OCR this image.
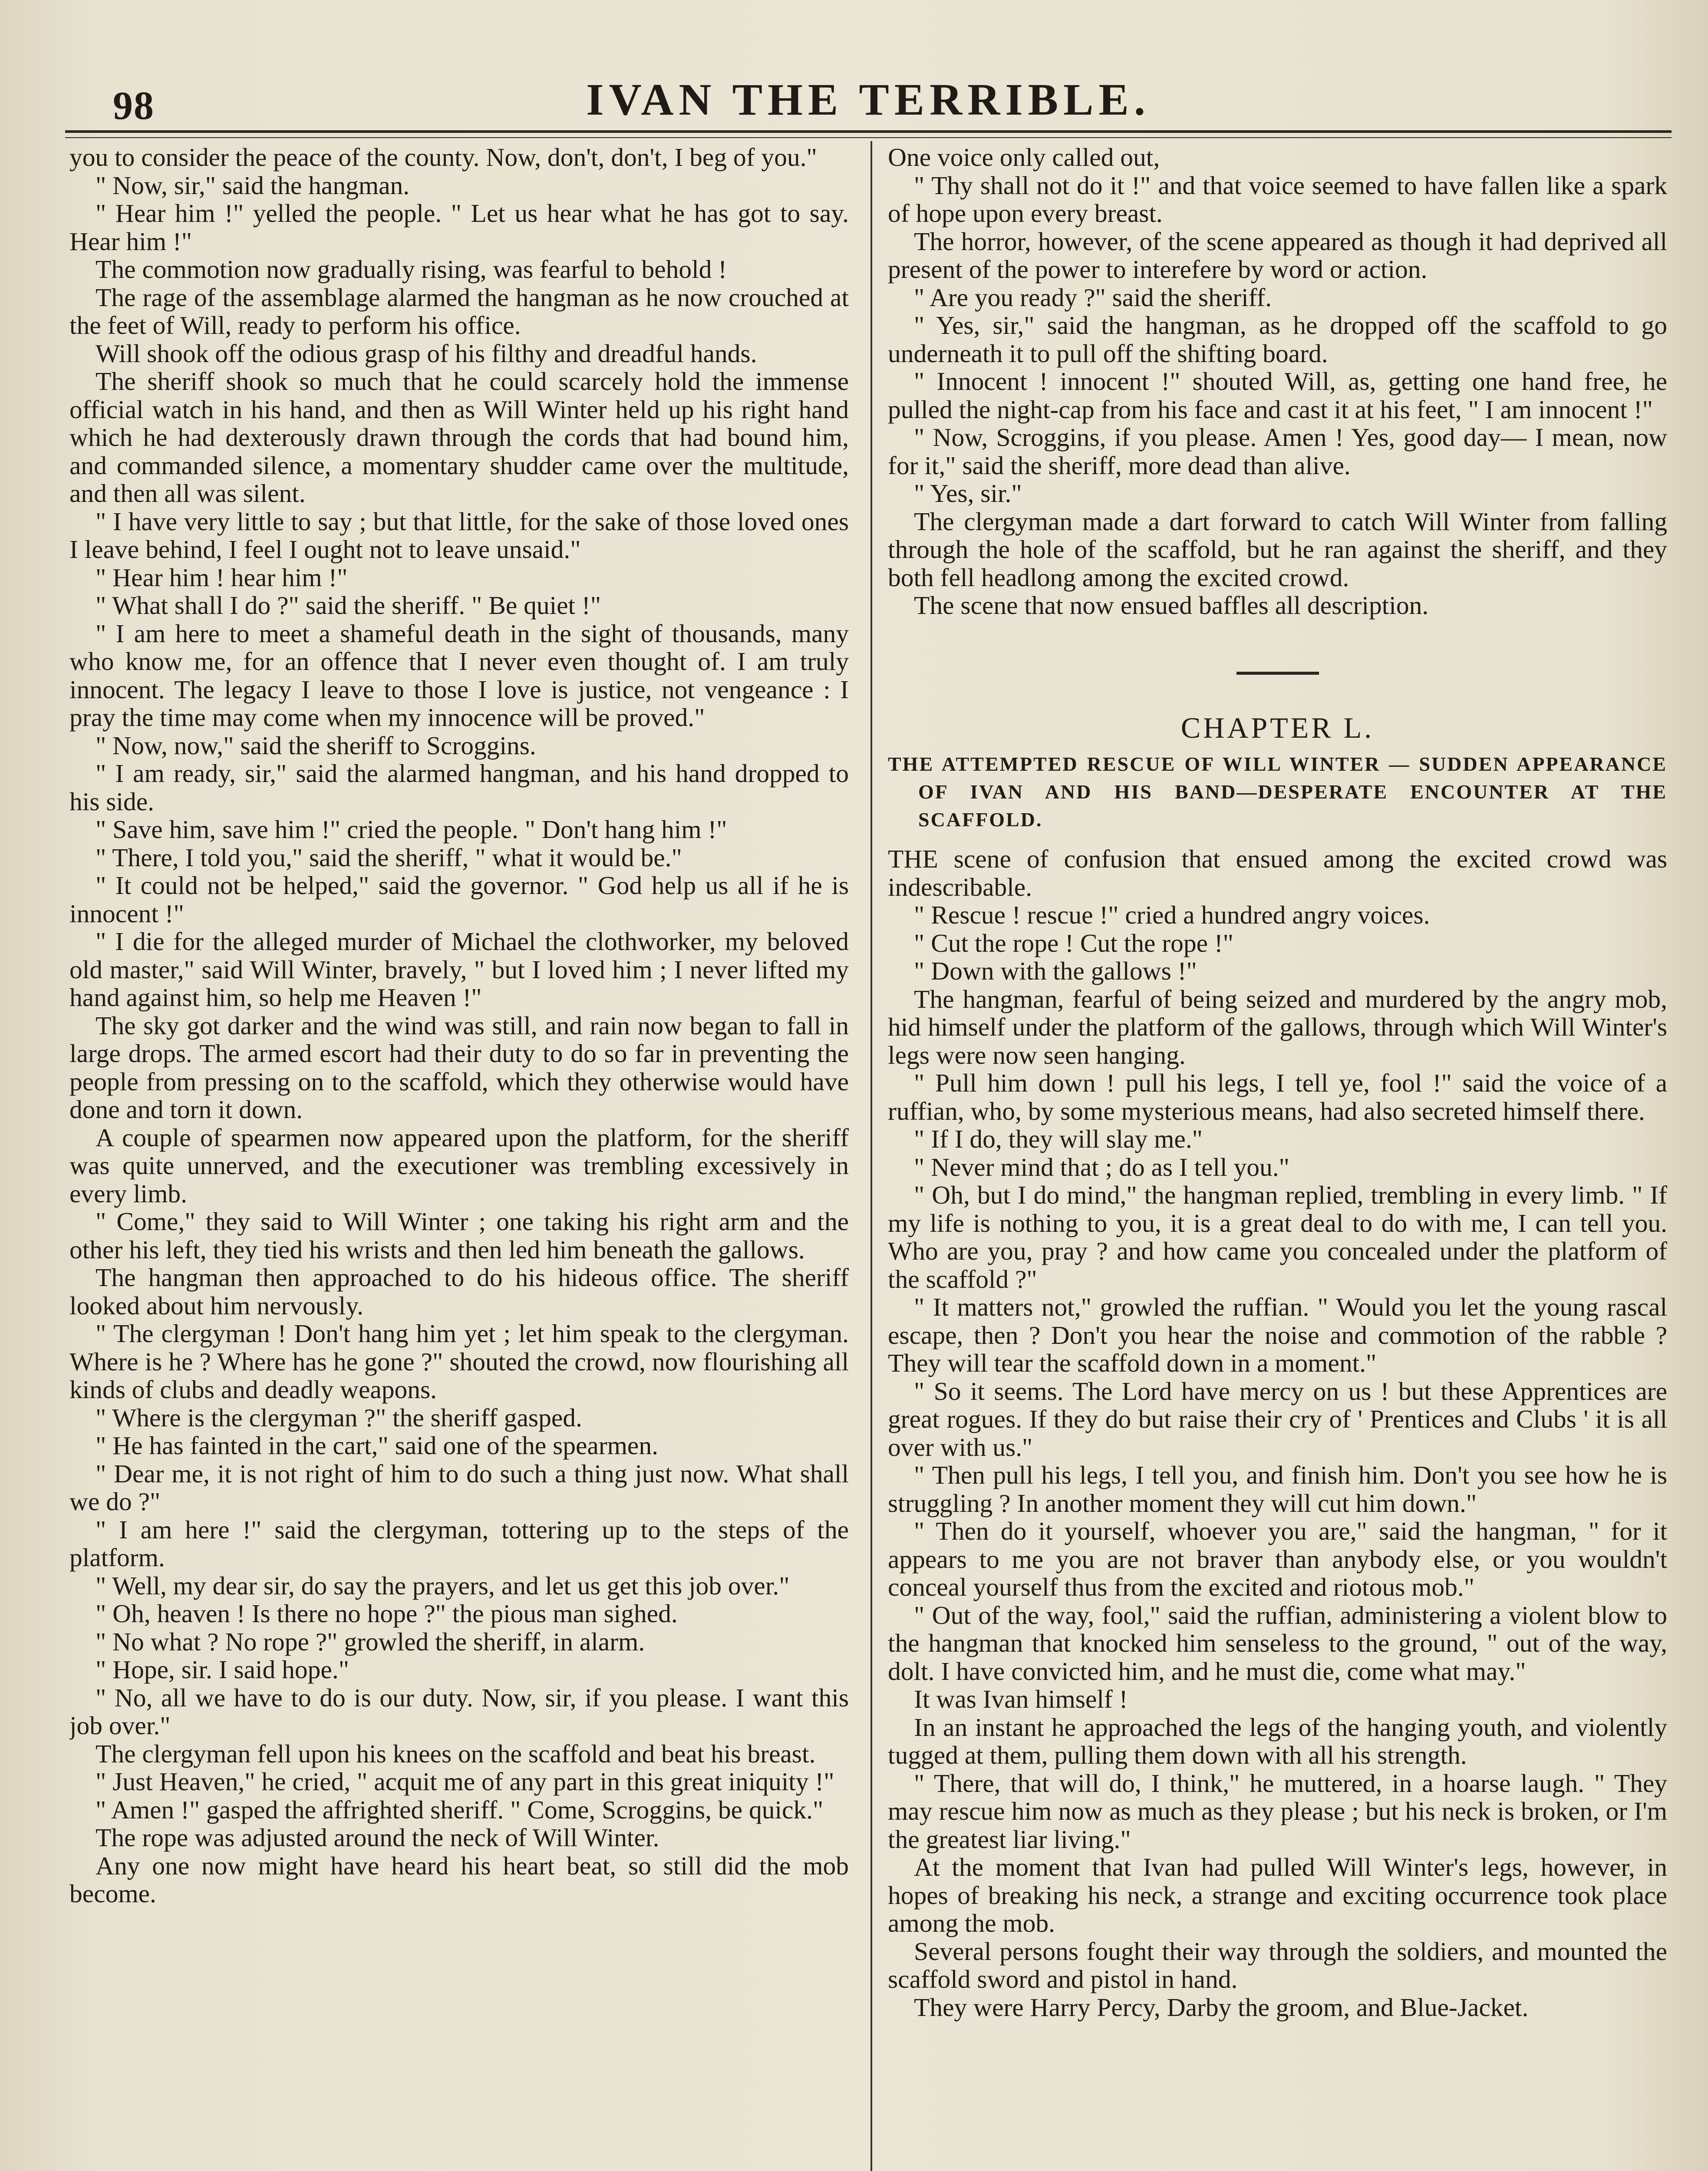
98	IVAN THE TERRIBLE.

you to consider the peace of the county. Now, don't, don't, I beg of you."

" Now, sir," said the hangman.

" Hear him !" yelled the people. " Let us hear what he has got to say. Hear him !"

The commotion now gradually rising, was fearful to behold !

The rage of the assemblage alarmed the hangman as he now crouched at the feet of Will, ready to perform his office.

Will shook off the odious grasp of his filthy and dreadful hands.

The sheriff shook so much that he could scarcely hold the immense official watch in his hand, and then as Will Winter held up his right hand which he had dexterously drawn through the cords that had bound him, and commanded silence, a momentary shudder came over the multitude, and then all was silent.

" I have very little to say ; but that little, for the sake of those loved ones I leave behind, I feel I ought not to leave unsaid."

" Hear him ! hear him !"

" What shall I do ?" said the sheriff. " Be quiet !"

" I am here to meet a shameful death in the sight of thousands, many who know me, for an offence that I never even thought of. I am truly innocent. The legacy I leave to those I love is justice, not vengeance : I pray the time may come when my innocence will be proved."

" Now, now," said the sheriff to Scroggins.

" I am ready, sir," said the alarmed hangman, and his hand dropped to his side.

" Save him, save him !" cried the people. " Don't hang him !"

" There, I told you," said the sheriff, " what it would be."

" It could not be helped," said the governor. " God help us all if he is innocent !"

" I die for the alleged murder of Michael the clothworker, my beloved old master," said Will Winter, bravely, " but I loved him ; I never lifted my hand against him, so help me Heaven !"

The sky got darker and the wind was still, and rain now began to fall in large drops. The armed escort had their duty to do so far in preventing the people from pressing on to the scaffold, which they otherwise would have done and torn it down.

A couple of spearmen now appeared upon the platform, for the sheriff was quite unnerved, and the executioner was trembling excessively in every limb.

" Come," they said to Will Winter ; one taking his right arm and the other his left, they tied his wrists and then led him beneath the gallows.

The hangman then approached to do his hideous office. The sheriff looked about him nervously.

" The clergyman ! Don't hang him yet ; let him speak to the clergyman. Where is he ? Where has he gone ?" shouted the crowd, now flourishing all kinds of clubs and deadly weapons.

" Where is the clergyman ?" the sheriff gasped.

" He has fainted in the cart," said one of the spearmen.

" Dear me, it is not right of him to do such a thing just now. What shall we do ?"

" I am here !" said the clergyman, tottering up to the steps of the platform.

" Well, my dear sir, do say the prayers, and let us get this job over."

" Oh, heaven ! Is there no hope ?" the pious man sighed.

" No what ? No rope ?" growled the sheriff, in alarm.

" Hope, sir. I said hope."

" No, all we have to do is our duty. Now, sir, if you please. I want this job over."

The clergyman fell upon his knees on the scaffold and beat his breast.

" Just Heaven," he cried, " acquit me of any part in this great iniquity !"

" Amen !" gasped the affrighted sheriff. " Come, Scroggins, be quick."

The rope was adjusted around the neck of Will Winter.

Any one now might have heard his heart beat, so still did the mob become.

One voice only called out,

" Thy shall not do it !" and that voice seemed to have fallen like a spark of hope upon every breast.

The horror, however, of the scene appeared as though it had deprived all present of the power to interefere by word or action.

" Are you ready ?" said the sheriff.

" Yes, sir," said the hangman, as he dropped off the scaffold to go underneath it to pull off the shifting board.

" Innocent ! innocent !" shouted Will, as, getting one hand free, he pulled the night-cap from his face and cast it at his feet, " I am innocent !"

" Now, Scroggins, if you please. Amen ! Yes, good day— I mean, now for it," said the sheriff, more dead than alive.

" Yes, sir."

The clergyman made a dart forward to catch Will Winter from falling through the hole of the scaffold, but he ran against the sheriff, and they both fell headlong among the excited crowd.

The scene that now ensued baffles all description.

CHAPTER L.

THE ATTEMPTED RESCUE OF WILL WINTER — SUDDEN APPEARANCE OF IVAN AND HIS BAND—DESPERATE ENCOUNTER AT THE SCAFFOLD.

THE scene of confusion that ensued among the excited crowd was indescribable.

" Rescue ! rescue !" cried a hundred angry voices.

" Cut the rope ! Cut the rope !"

" Down with the gallows !"

The hangman, fearful of being seized and murdered by the angry mob, hid himself under the platform of the gallows, through which Will Winter's legs were now seen hanging.

" Pull him down ! pull his legs, I tell ye, fool !" said the voice of a ruffian, who, by some mysterious means, had also secreted himself there.

" If I do, they will slay me."

" Never mind that ; do as I tell you."

" Oh, but I do mind," the hangman replied, trembling in every limb. " If my life is nothing to you, it is a great deal to do with me, I can tell you. Who are you, pray ? and how came you concealed under the platform of the scaffold ?"

" It matters not," growled the ruffian. " Would you let the young rascal escape, then ? Don't you hear the noise and commotion of the rabble ? They will tear the scaffold down in a moment."

" So it seems. The Lord have mercy on us ! but these Apprentices are great rogues. If they do but raise their cry of ' Prentices and Clubs ' it is all over with us."

" Then pull his legs, I tell you, and finish him. Don't you see how he is struggling ? In another moment they will cut him down."

" Then do it yourself, whoever you are," said the hangman, " for it appears to me you are not braver than anybody else, or you wouldn't conceal yourself thus from the excited and riotous mob."

" Out of the way, fool," said the ruffian, administering a violent blow to the hangman that knocked him senseless to the ground, " out of the way, dolt. I have convicted him, and he must die, come what may."

It was Ivan himself !

In an instant he approached the legs of the hanging youth, and violently tugged at them, pulling them down with all his strength.

" There, that will do, I think," he muttered, in a hoarse laugh. " They may rescue him now as much as they please ; but his neck is broken, or I'm the greatest liar living."

At the moment that Ivan had pulled Will Winter's legs, however, in hopes of breaking his neck, a strange and exciting occurrence took place among the mob.

Several persons fought their way through the soldiers, and mounted the scaffold sword and pistol in hand.

They were Harry Percy, Darby the groom, and Blue-Jacket.
